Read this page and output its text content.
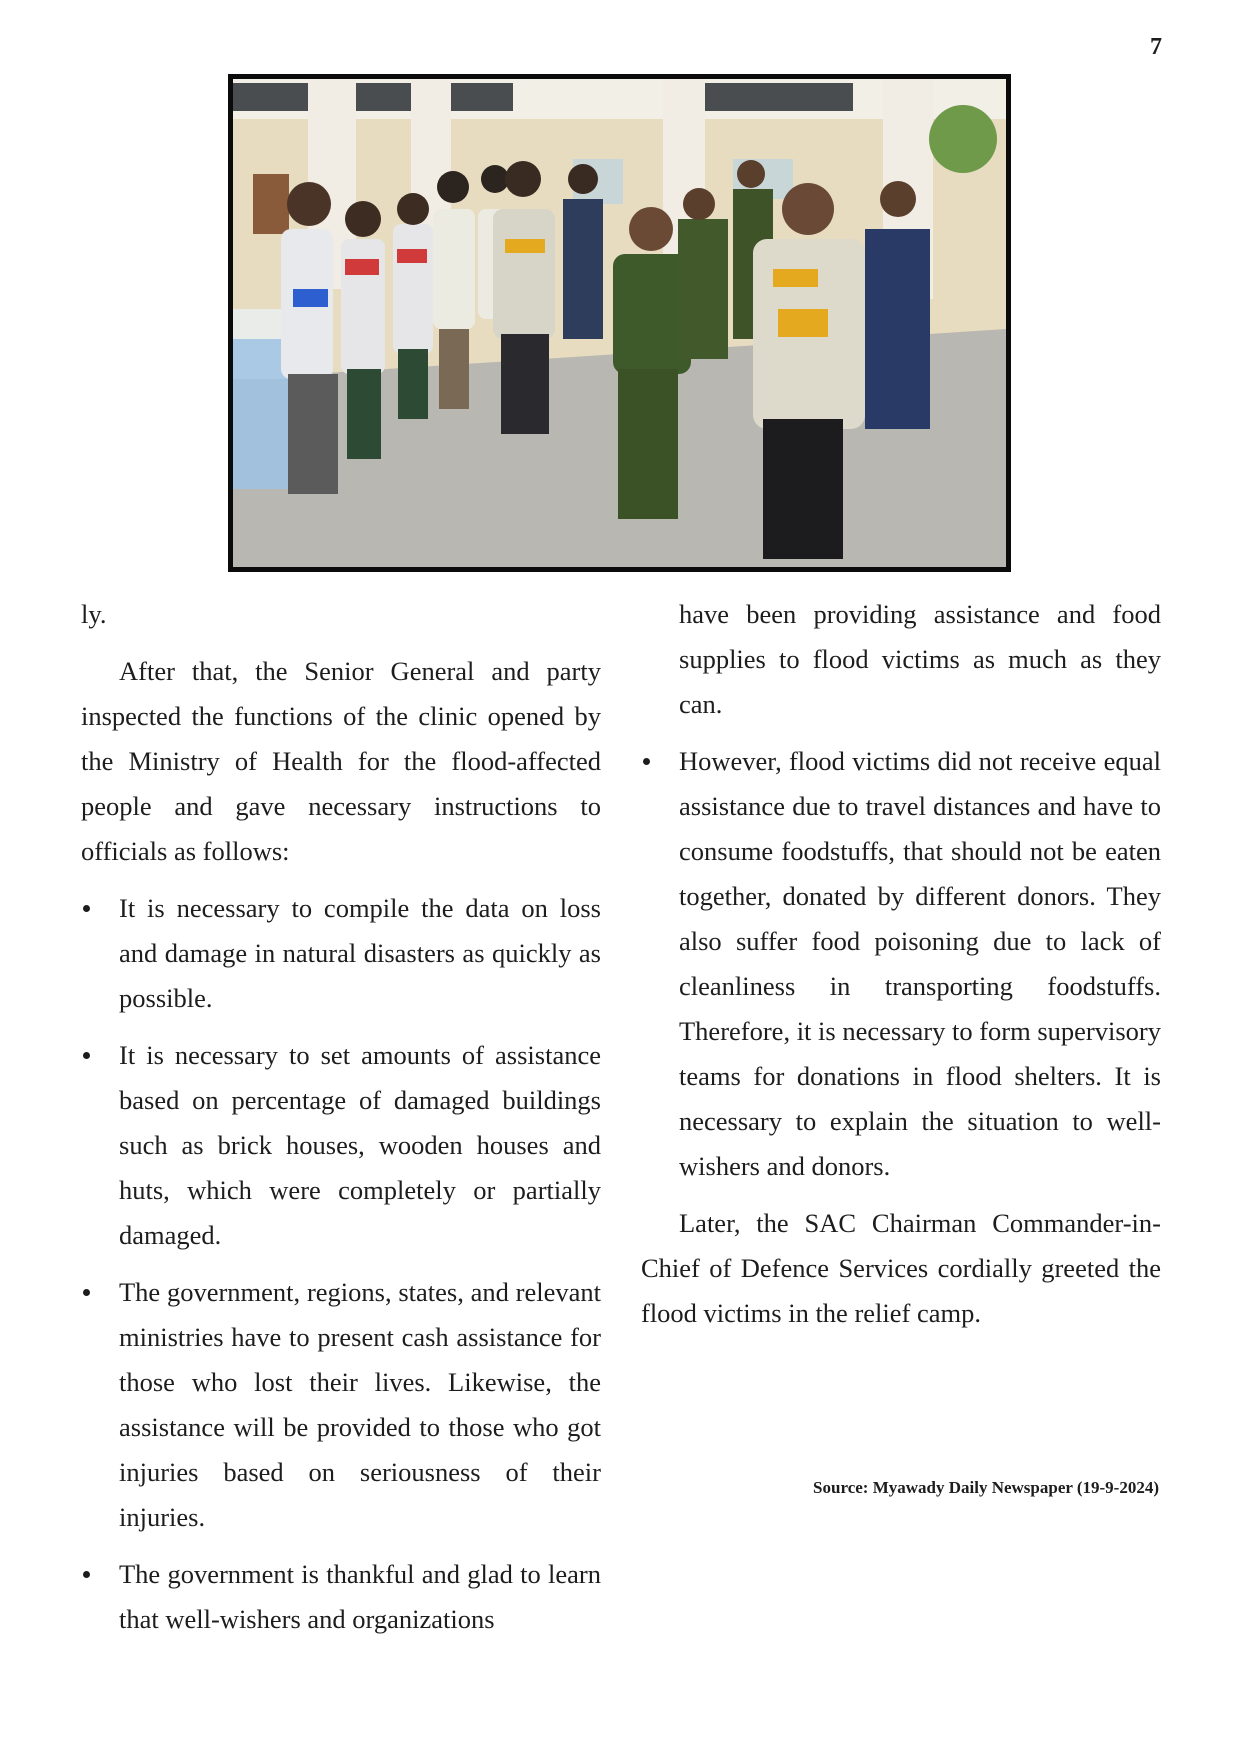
7

ly.

After that, the Senior General and party inspected the functions of the clinic opened by the Ministry of Health for the flood-affected people and gave necessary instructions to officials as follows:

It is necessary to compile the data on loss and damage in natural disasters as quickly as possible.
It is necessary to set amounts of assistance based on percentage of damaged buildings such as brick houses, wooden houses and huts, which were completely or partially damaged.
The government, regions, states, and relevant ministries have to present cash assistance for those who lost their lives. Likewise, the assistance will be provided to those who got injuries based on seriousness of their injuries.
The government is thankful and glad to learn that well-wishers and organizations

have been providing assistance and food supplies to flood victims as much as they can.

However, flood victims did not receive equal assistance due to travel distances and have to consume foodstuffs, that should not be eaten together, donated by different donors. They also suffer food poisoning due to lack of cleanliness in transporting foodstuffs. Therefore, it is necessary to form supervisory teams for donations in flood shelters. It is necessary to explain the situation to well-wishers and donors.

Later, the SAC Chairman Commander-in-Chief of Defence Services cordially greeted the flood victims in the relief camp.

Source: Myawady Daily Newspaper (19-9-2024)
